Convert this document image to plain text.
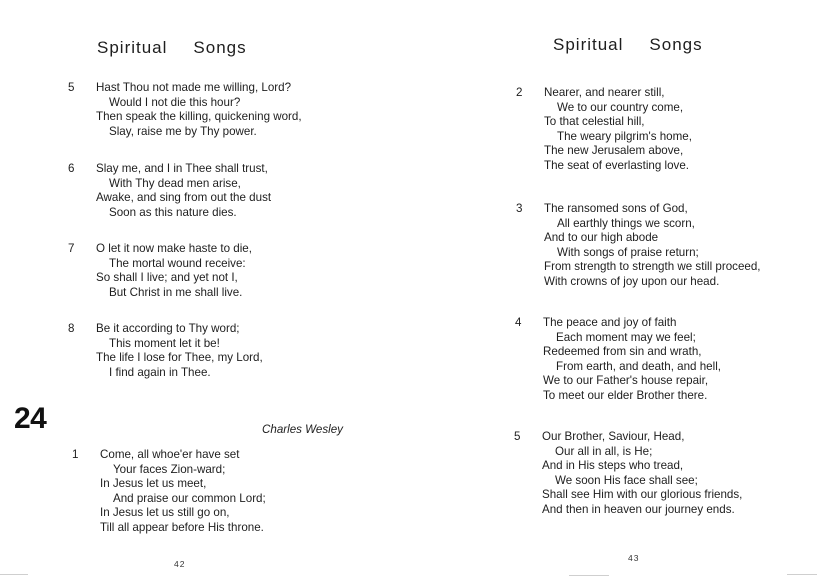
Spiritual Songs
5	Hast Thou not made me willing, Lord?
Would I not die this hour?
Then speak the killing, quickening word,
Slay, raise me by Thy power.
6	Slay me, and I in Thee shall trust,
With Thy dead men arise,
Awake, and sing from out the dust
Soon as this nature dies.
7	O let it now make haste to die,
The mortal wound receive:
So shall I live; and yet not I,
But Christ in me shall live.
8	Be it according to Thy word;
This moment let it be!
The life I lose for Thee, my Lord,
I find again in Thee.
24	Charles Wesley
1	Come, all whoe'er have set
Your faces Zion-ward;
In Jesus let us meet,
And praise our common Lord;
In Jesus let us still go on,
Till all appear before His throne.
42
Spiritual Songs
2	Nearer, and nearer still,
We to our country come,
To that celestial hill,
The weary pilgrim's home,
The new Jerusalem above,
The seat of everlasting love.
3	The ransomed sons of God,
All earthly things we scorn,
And to our high abode
With songs of praise return;
From strength to strength we still proceed,
With crowns of joy upon our head.
4	The peace and joy of faith
Each moment may we feel;
Redeemed from sin and wrath,
From earth, and death, and hell,
We to our Father's house repair,
To meet our elder Brother there.
5	Our Brother, Saviour, Head,
Our all in all, is He;
And in His steps who tread,
We soon His face shall see;
Shall see Him with our glorious friends,
And then in heaven our journey ends.
43
